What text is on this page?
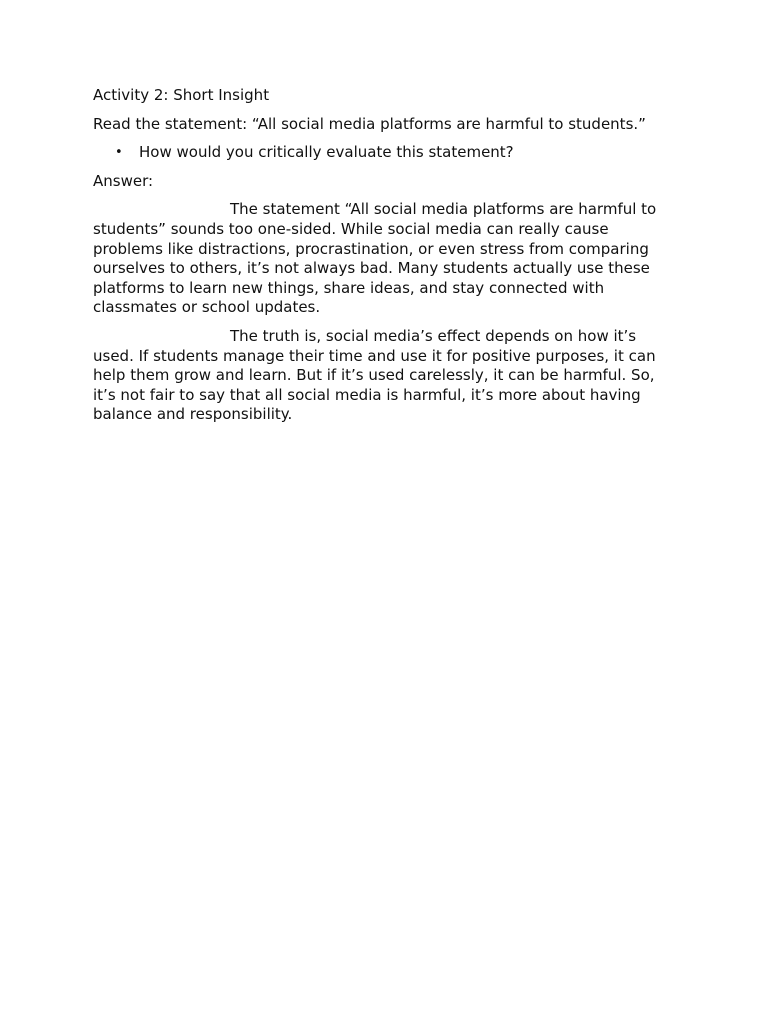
Activity 2: Short Insight

Read the statement: “All social media platforms are harmful to students.”

• How would you critically evaluate this statement?

Answer:

The statement “All social media platforms are harmful to students” sounds too one-sided. While social media can really cause problems like distractions, procrastination, or even stress from comparing ourselves to others, it’s not always bad. Many students actually use these platforms to learn new things, share ideas, and stay connected with classmates or school updates.

The truth is, social media’s effect depends on how it’s used. If students manage their time and use it for positive purposes, it can help them grow and learn. But if it’s used carelessly, it can be harmful. So, it’s not fair to say that all social media is harmful, it’s more about having balance and responsibility.
